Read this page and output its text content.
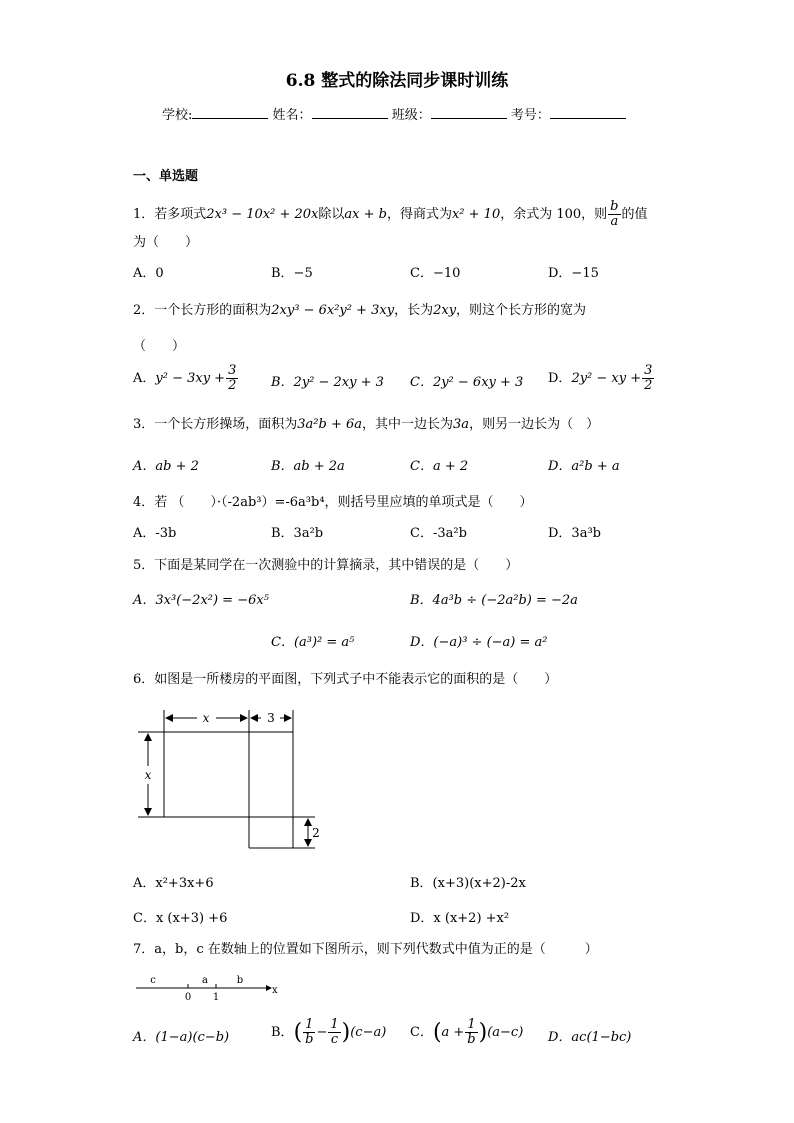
6.8 整式的除法同步课时训练
学校:	姓名：	班级：	考号：
一、单选题
1．若多项式 2x³ − 10x² + 20x 除以 ax + b ，得商式为 x² + 10 ，余式为 100，则 $\frac{b}{a}$ 的值
为（　　）
A．0	B．−5	C．−10	D．−15
2．一个长方形的面积为2xy³ − 6x²y² + 3xy，长为2xy，则这个长方形的宽为
（　　）
A． $y^2 - 3xy + \frac{3}{2}$	B．2y² − 2xy + 3 C．2y² − 6xy + 3 D． 2y² − xy + $\frac{3}{2}$
3．一个长方形操场，面积为3a²b + 6a，其中一边长为3a，则另一边长为（　）
A．ab + 2	B．ab + 2a	C．a + 2	D．a²b + a
4．若 （　　）·（-2ab³）=-6a³b⁴，则括号里应填的单项式是（　　）
A．-3b	B．3a²b	C．-3a²b	D．3a³b
5．下面是某同学在一次测验中的计算摘录，其中错误的是（　　）
A．3x³(−2x²) = −6x⁵	B．4a³b ÷ (−2a²b) = −2a
C．(a³)² = a⁵	D．(−a)³ ÷ (−a) = a²
6．如图是一所楼房的平面图，下列式子中不能表示它的面积的是（　　）
x	3
x
2
A．x²+3x+6	B．(x+3)(x+2)-2x
C．x (x+3) +6	D．x (x+2) +x²
7．a，b，c 在数轴上的位置如下图所示，则下列代数式中值为正的是（　　　）
c	a	b
0 1
x
A．(1−a)(c−b)	B． ( $\frac{1}{b} - \frac{1}{c}$ ) (c−a) C． ( $a + \frac{1}{b}$ ) (a−c) D．ac(1−bc)
